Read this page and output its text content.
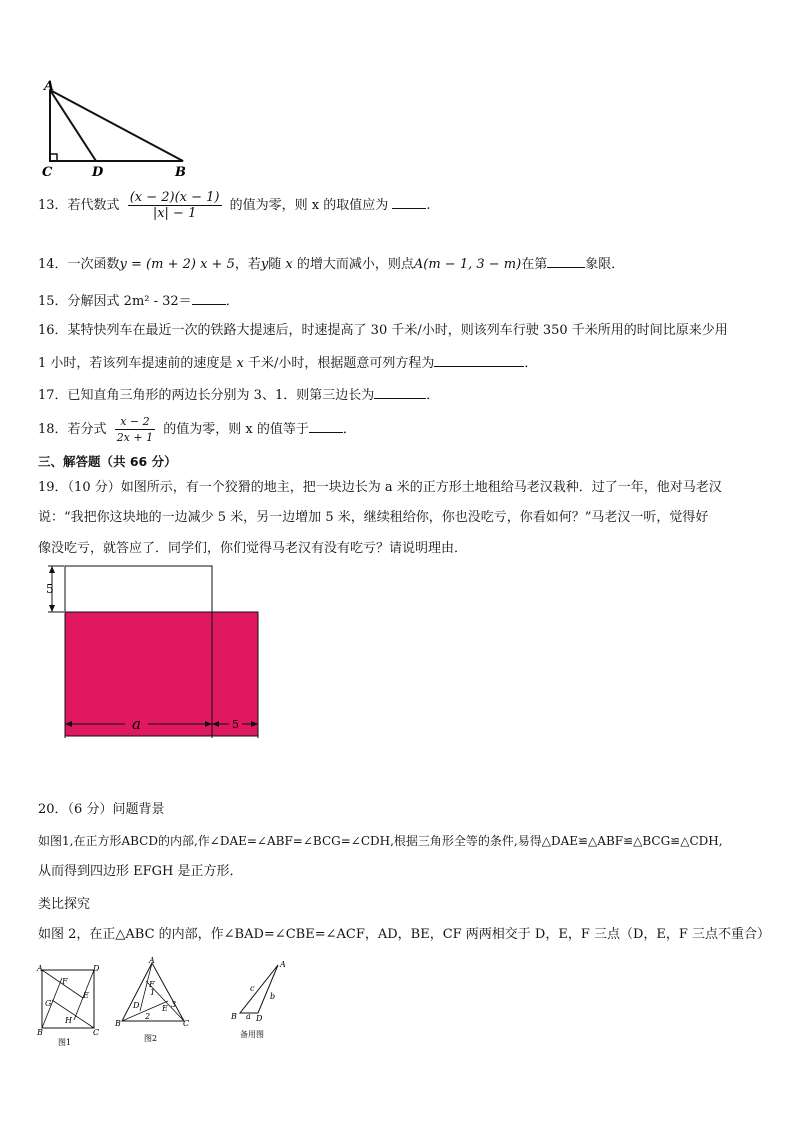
A
C	D	B
13．若代数式 $\frac{(x - 2)(x - 1)}{|x| - 1}$ 的值为零，则 x 的取值应为	.
14．一次函数y = (m + 2) x + 5，若y随 x 的增大而减小，则点A(m − 1, 3 − m)在第	象限．
15．分解因式 2m² - 32＝	．
16．某特快列车在最近一次的铁路大提速后，时速提高了 30 千米/小时，则该列车行驶 350 千米所用的时间比原来少用
1 小时，若该列车提速前的速度是 x 千米/小时，根据题意可列方程为	．
17．已知直角三角形的两边长分别为 3、1．则第三边长为	．
18．若分式 $\frac{x - 2}{2x + 1}$ 的值为零，则 x 的值等于	．
三、解答题（共 66 分）
19．（10 分）如图所示，有一个狡猾的地主，把一块边长为 a 米的正方形土地租给马老汉栽种．过了一年，他对马老汉
说：“我把你这块地的一边减少 5 米，另一边增加 5 米，继续租给你，你也没吃亏，你看如何？”马老汉一听，觉得好
像没吃亏，就答应了．同学们，你们觉得马老汉有没有吃亏？请说明理由．
5
a	5
20．（6 分）问题背景
如图1,在正方形ABCD的内部,作∠DAE=∠ABF=∠BCG=∠CDH,根据三角形全等的条件,易得△DAE≌△ABF≌△BCG≌△CDH,
从而得到四边形 EFGH 是正方形．
类比探究
如图 2，在正△ABC 的内部，作∠BAD=∠CBE=∠ACF，AD，BE，CF 两两相交于 D，E，F 三点（D，E，F 三点不重合）
A	D
F
G
E
H
B	C
图1
A
F
D	E
B	C
1
2
3
图2
A
c
b
B a D
备用图
